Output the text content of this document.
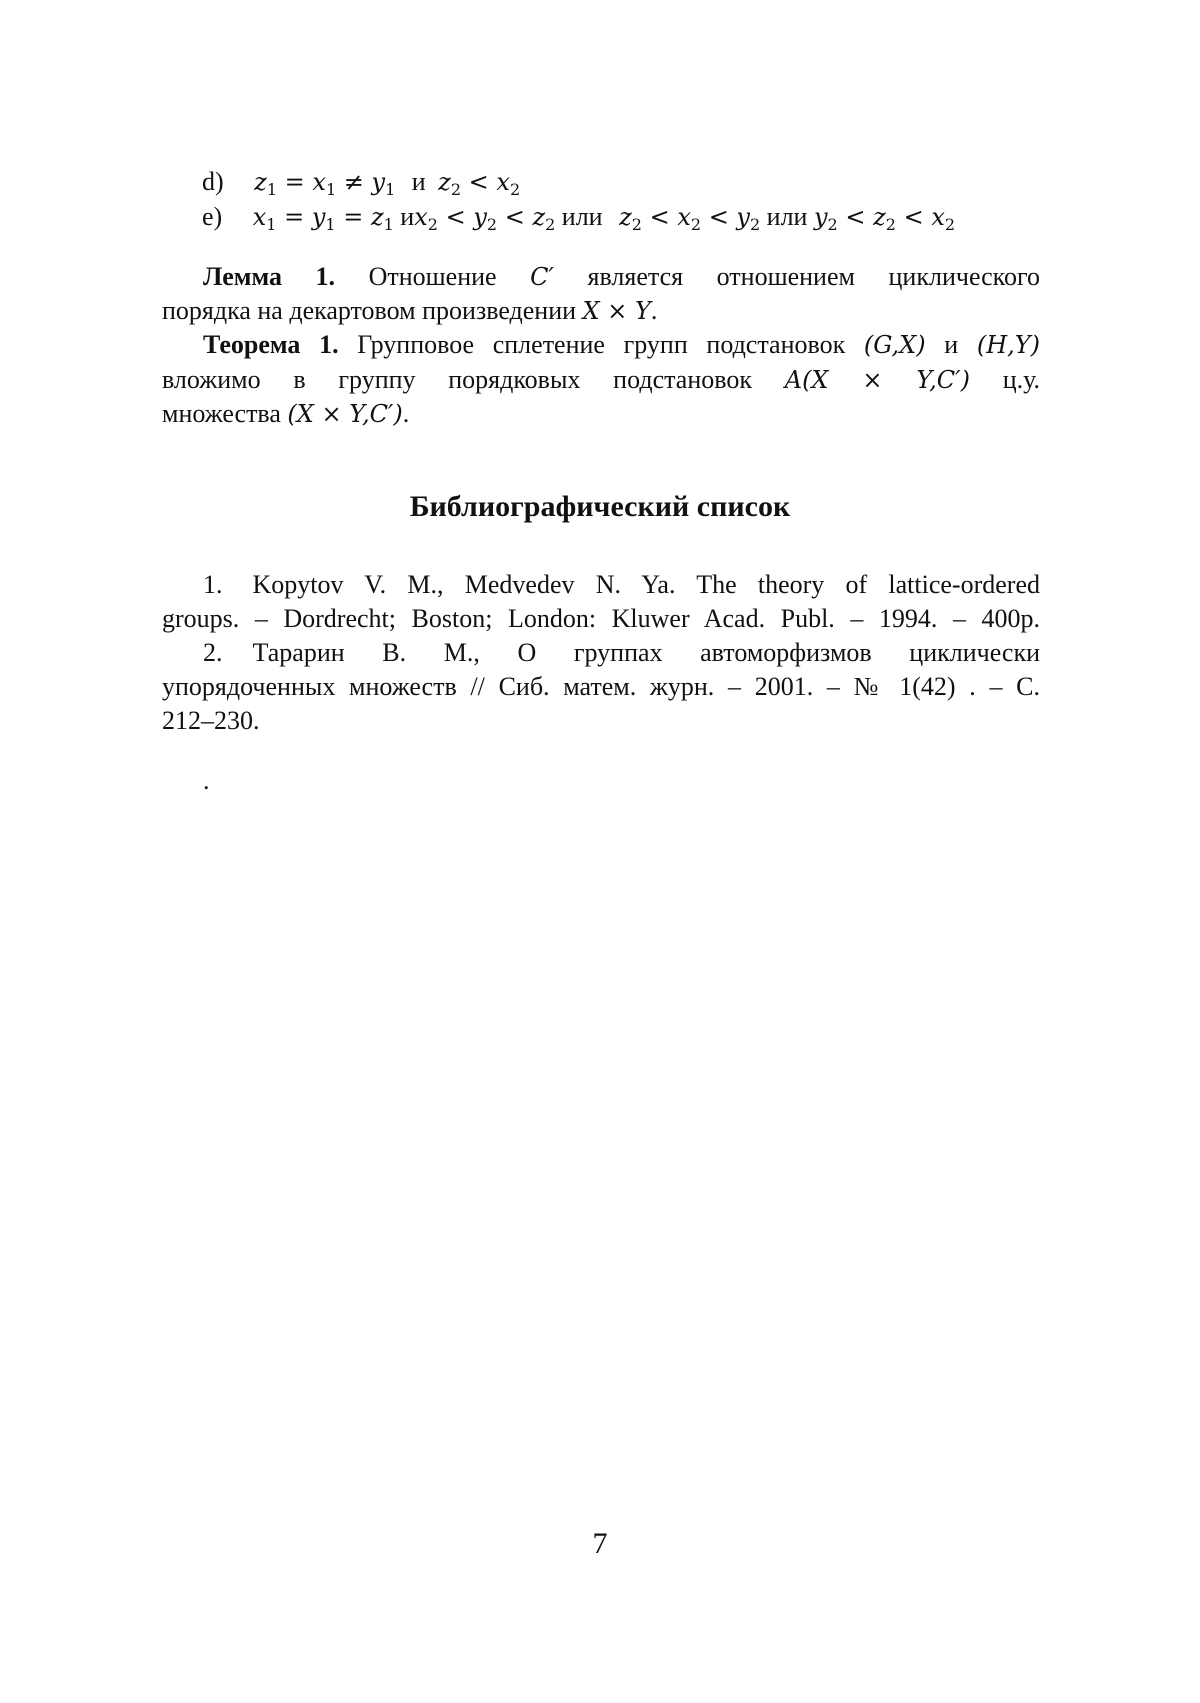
d) $z_1 = x_1 \ne y_1$ и $z_2 < x_2$
e) $x_1 = y_1 = z_1$ $иx_2 < y_2 < z_2$ или $z_2 < x_2 < y_2$ или $y_2 < z_2 < x_2$
Лемма 1. Отношение C′ является отношением циклического
порядка на декартовом произведении X × Y.
Теорема 1. Групповое сплетение групп подстановок (G,X) и (H,Y)
вложимо в группу порядковых подстановок A(X × Y,C′) ц.у.
множества (X × Y,C′).
Библиографический список
1. Kopytov V. M., Medvedev N. Ya. The theory of lattice-ordered
groups. – Dordrecht; Boston; London: Kluwer Acad. Publ. – 1994. – 400p.
2. Тарарин В. М., О группах автоморфизмов циклически
упорядоченных множеств // Сиб. матем. журн. – 2001. – № 1(42) . – С.
212–230.
.
7
